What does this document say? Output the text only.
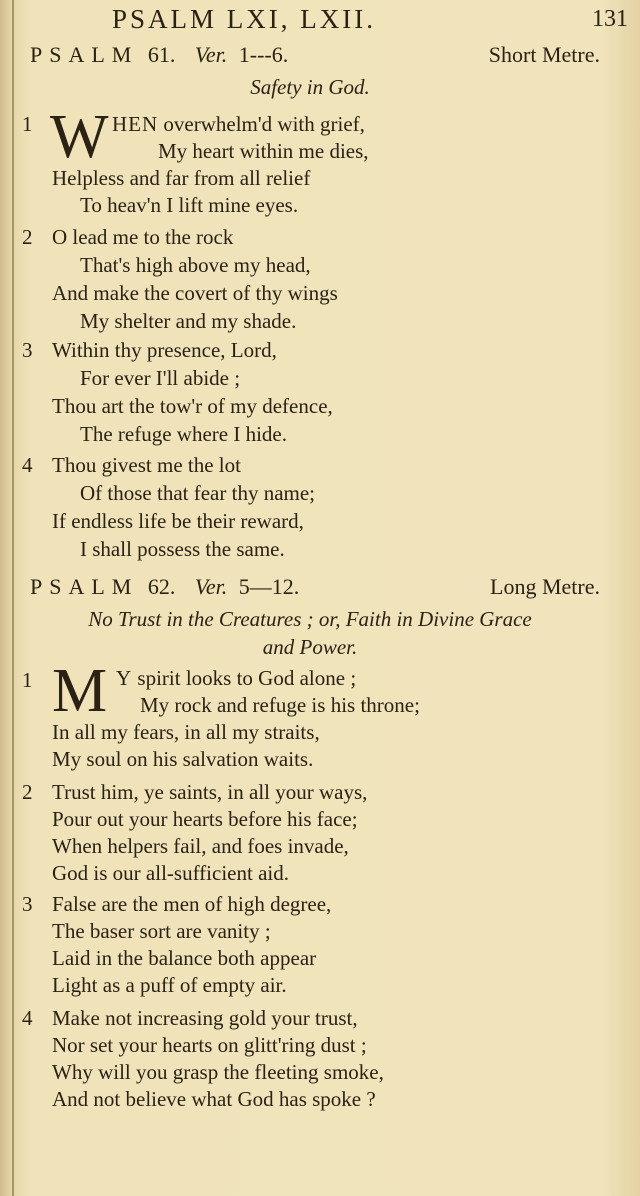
PSALM LXI, LXII.	131
PSALM 61. Ver. 1---6.	Short Metre.
Safety in God.
1 W HEN overwhelm'd with grief,
My heart within me dies,
Helpless and far from all relief
To heav'n I lift mine eyes.
2 O lead me to the rock
That's high above my head,
And make the covert of thy wings
My shelter and my shade.
3 Within thy presence, Lord,
For ever I'll abide ;
Thou art the tow'r of my defence,
The refuge where I hide.
4 Thou givest me the lot
Of those that fear thy name;
If endless life be their reward,
I shall possess the same.
PSALM 62. Ver. 5—12.	Long Metre.
No Trust in the Creatures ; or, Faith in Divine Grace
and Power.
1 M Y spirit looks to God alone ;
My rock and refuge is his throne;
In all my fears, in all my straits,
My soul on his salvation waits.
2 Trust him, ye saints, in all your ways,
Pour out your hearts before his face;
When helpers fail, and foes invade,
God is our all-sufficient aid.
3 False are the men of high degree,
The baser sort are vanity ;
Laid in the balance both appear
Light as a puff of empty air.
4 Make not increasing gold your trust,
Nor set your hearts on glitt'ring dust ;
Why will you grasp the fleeting smoke,
And not believe what God has spoke ?
